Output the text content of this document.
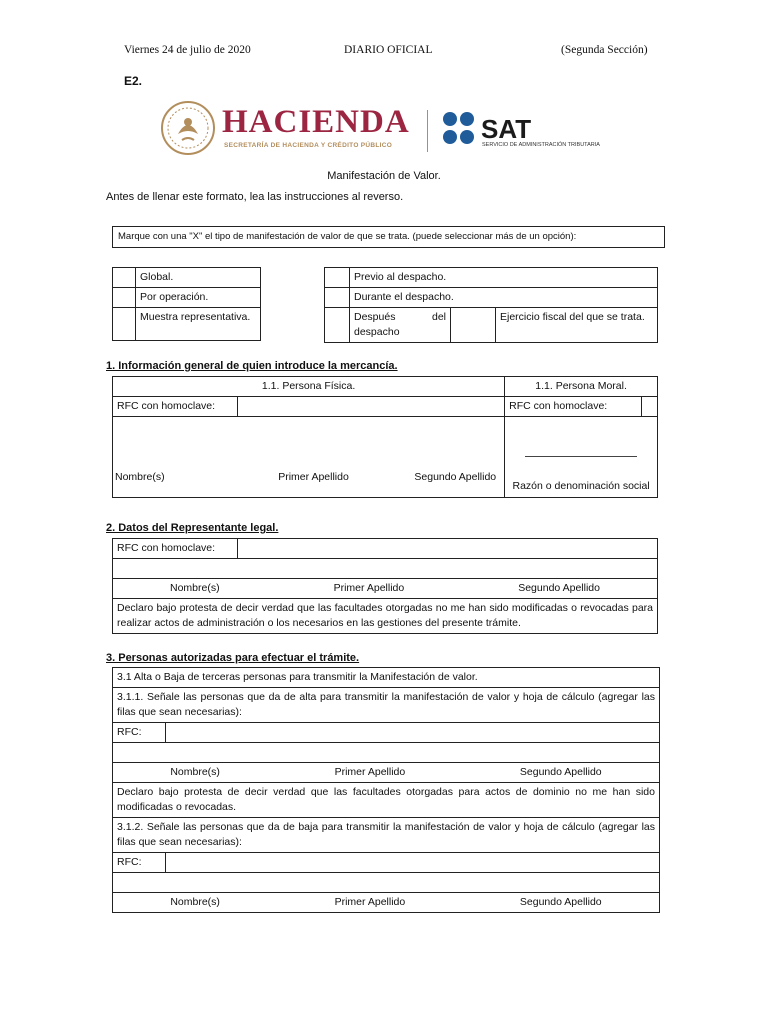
Viernes 24 de julio de 2020	DIARIO OFICIAL	(Segunda Sección)
E2.
HACIENDA
SECRETARÍA DE HACIENDA Y CRÉDITO PÚBLICO
SAT
SERVICIO DE ADMINISTRACIÓN TRIBUTARIA
Manifestación de Valor.
Antes de llenar este formato, lea las instrucciones al reverso.
Marque con una "X" el tipo de manifestación de valor de que se trata. (puede seleccionar más de un opción):
	Global.
	Por operación.
	Muestra representativa.
	Previo al despacho.		
	Durante el despacho.		
	Después del despacho		Ejercicio fiscal del que se trata.
1. Información general de quien introduce la mercancía.
1.1. Persona Física.		1.1. Persona Moral.	
RFC con homoclave:		RFC con homoclave:	

Nombre(s) Primer Apellido Segundo Apellido		Razón o denominación social	
2. Datos del Representante legal.
RFC con homoclave:	

Nombre(s)	Primer Apellido	Segundo Apellido

Declaro bajo protesta de decir verdad que las facultades otorgadas no me han sido modificadas o revocadas para realizar actos de administración o los necesarios en las gestiones del presente trámite.
3. Personas autorizadas para efectuar el trámite.
3.1 Alta o Baja de terceras personas para transmitir la Manifestación de valor.	
3.1.1. Señale las personas que da de alta para transmitir la manifestación de valor y hoja de cálculo (agregar las filas que sean necesarias):	
RFC:	

Nombre(s) Primer Apellido Segundo Apellido	

Declaro bajo protesta de decir verdad que las facultades otorgadas para actos de dominio no me han sido modificadas o revocadas.	
3.1.2. Señale las personas que da de baja para transmitir la manifestación de valor y hoja de cálculo (agregar las filas que sean necesarias):	
RFC:	

Nombre(s) Primer Apellido Segundo Apellido	
